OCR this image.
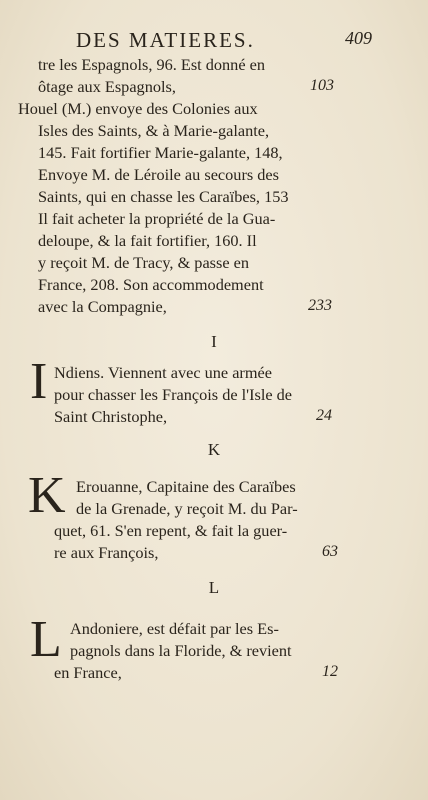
DES MATIERES.	409
tre les Espagnols, 96. Est donné en
ôtage aux Espagnols,	103
Houel (M.) envoye des Colonies aux
Isles des Saints, & à Marie-galante,
145. Fait fortifier Marie-galante, 148,
Envoye M. de Léroile au secours des
Saints, qui en chasse les Caraïbes, 153
Il fait acheter la propriété de la Gua-
deloupe, & la fait fortifier, 160. Il
y reçoit M. de Tracy, & passe en
France, 208. Son accommodement
avec la Compagnie,	233
I
I Ndiens. Viennent avec une armée
pour chasser les François de l'Isle de
Saint Christophe,	24
K
K Erouanne, Capitaine des Caraïbes
de la Grenade, y reçoit M. du Par-
quet, 61. S'en repent, & fait la guer-
re aux François,	63
L
L Andoniere, est défait par les Es-
pagnols dans la Floride, & revient
en France,	12
